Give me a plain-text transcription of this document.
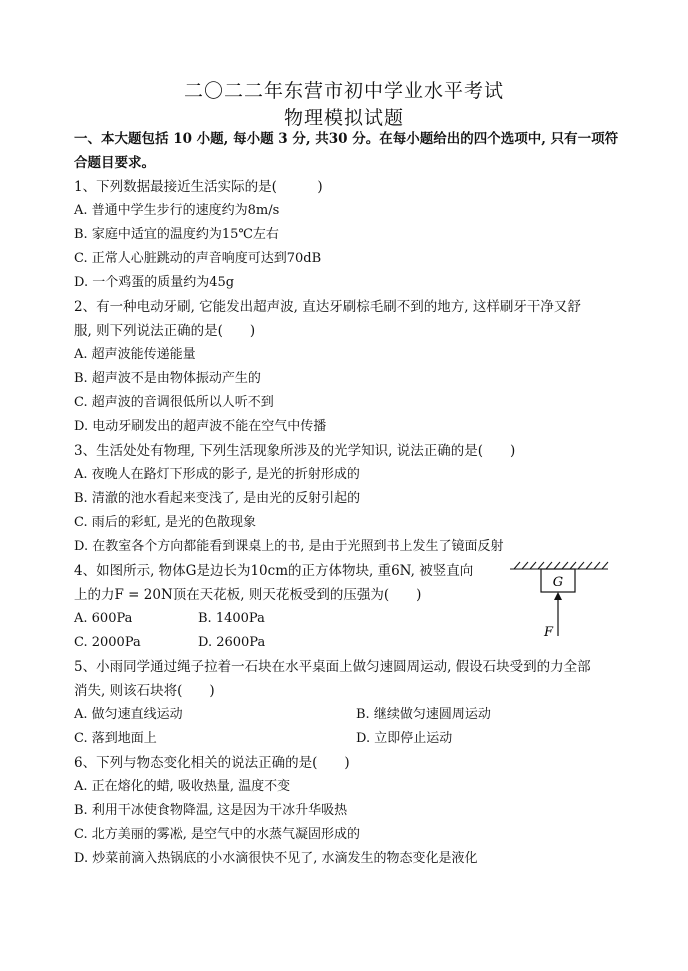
二〇二二年东营市初中学业水平考试
物理模拟试题
一、本大题包括 10 小题, 每小题 3 分, 共30 分。在每小题给出的四个选项中, 只有一项符
合题目要求。
1、下列数据最接近生活实际的是(　　　)
A. 普通中学生步行的速度约为8m/s
B. 家庭中适宜的温度约为15℃左右
C. 正常人心脏跳动的声音响度可达到70dB
D. 一个鸡蛋的质量约为45g
2、有一种电动牙刷, 它能发出超声波, 直达牙刷棕毛刷不到的地方, 这样刷牙干净又舒
服, 则下列说法正确的是(　　)
A. 超声波能传递能量
B. 超声波不是由物体振动产生的
C. 超声波的音调很低所以人听不到
D. 电动牙刷发出的超声波不能在空气中传播
3、生活处处有物理, 下列生活现象所涉及的光学知识, 说法正确的是(　　)
A. 夜晚人在路灯下形成的影子, 是光的折射形成的
B. 清澈的池水看起来变浅了, 是由光的反射引起的
C. 雨后的彩虹, 是光的色散现象
D. 在教室各个方向都能看到课桌上的书, 是由于光照到书上发生了镜面反射
4、如图所示, 物体G是边长为10cm的正方体物块, 重6N, 被竖直向
上的力F = 20N顶在天花板, 则天花板受到的压强为(　　)
A. 600Pa	B. 1400Pa
C. 2000Pa	D. 2600Pa
G
F
5、小雨同学通过绳子拉着一石块在水平桌面上做匀速圆周运动, 假设石块受到的力全部
消失, 则该石块将(　　)
A. 做匀速直线运动	B. 继续做匀速圆周运动
C. 落到地面上	D. 立即停止运动
6、下列与物态变化相关的说法正确的是(　　)
A. 正在熔化的蜡, 吸收热量, 温度不变
B. 利用干冰使食物降温, 这是因为干冰升华吸热
C. 北方美丽的雾凇, 是空气中的水蒸气凝固形成的
D. 炒菜前滴入热锅底的小水滴很快不见了, 水滴发生的物态变化是液化
